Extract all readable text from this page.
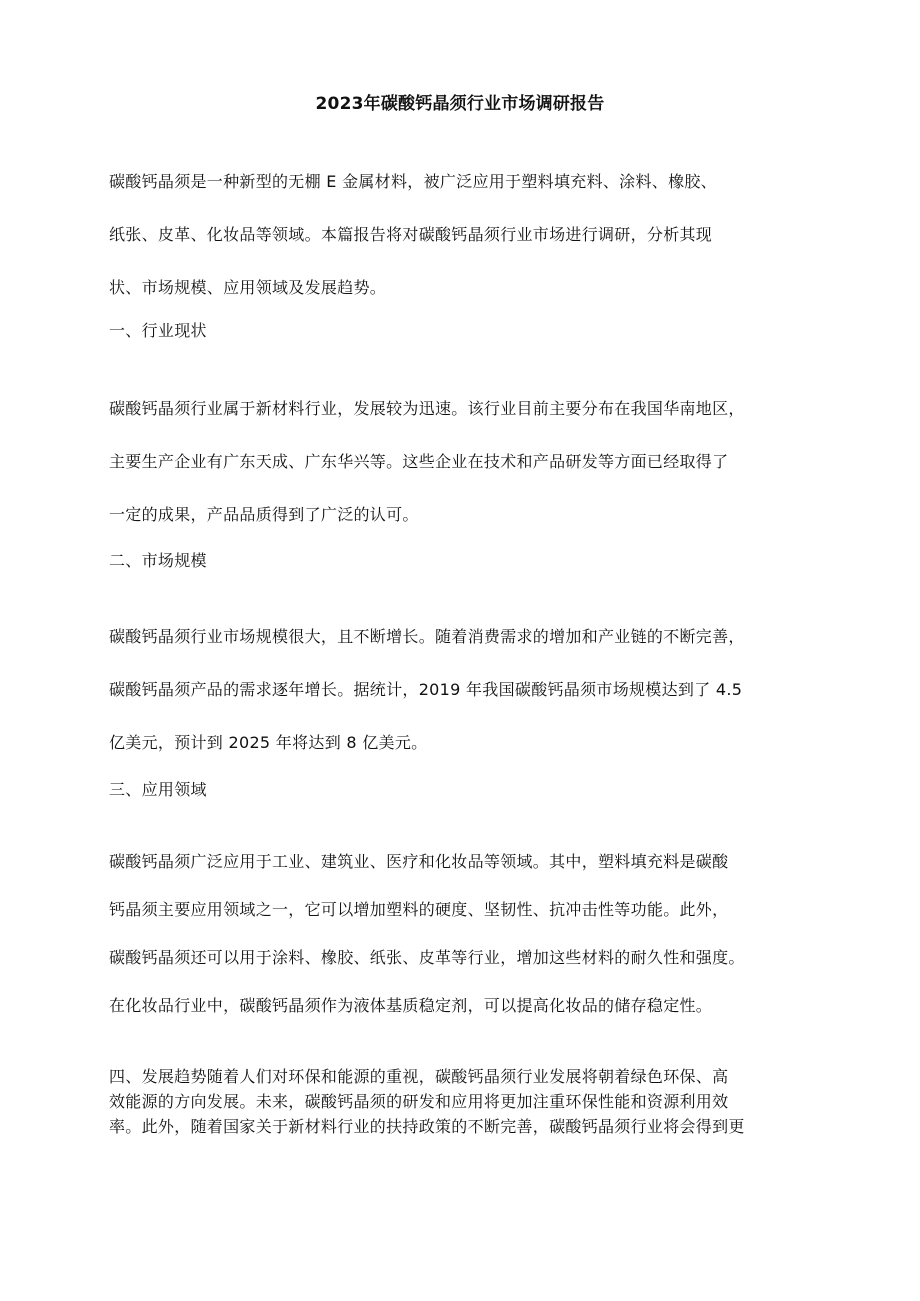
2023年碳酸钙晶须行业市场调研报告
碳酸钙晶须是一种新型的无棚 E 金属材料，被广泛应用于塑料填充料、涂料、橡胶、
纸张、皮革、化妆品等领域。本篇报告将对碳酸钙晶须行业市场进行调研，分析其现
状、市场规模、应用领域及发展趋势。
一、行业现状
碳酸钙晶须行业属于新材料行业，发展较为迅速。该行业目前主要分布在我国华南地区，
主要生产企业有广东天成、广东华兴等。这些企业在技术和产品研发等方面已经取得了
一定的成果，产品品质得到了广泛的认可。
二、市场规模
碳酸钙晶须行业市场规模很大，且不断增长。随着消费需求的增加和产业链的不断完善，
碳酸钙晶须产品的需求逐年增长。据统计，2019 年我国碳酸钙晶须市场规模达到了 4.5
亿美元，预计到 2025 年将达到 8 亿美元。
三、应用领域
碳酸钙晶须广泛应用于工业、建筑业、医疗和化妆品等领域。其中，塑料填充料是碳酸
钙晶须主要应用领域之一，它可以增加塑料的硬度、坚韧性、抗冲击性等功能。此外，
碳酸钙晶须还可以用于涂料、橡胶、纸张、皮革等行业，增加这些材料的耐久性和强度。
在化妆品行业中，碳酸钙晶须作为液体基质稳定剂，可以提高化妆品的储存稳定性。
四、发展趋势随着人们对环保和能源的重视，碳酸钙晶须行业发展将朝着绿色环保、高
效能源的方向发展。未来，碳酸钙晶须的研发和应用将更加注重环保性能和资源利用效
率。此外，随着国家关于新材料行业的扶持政策的不断完善，碳酸钙晶须行业将会得到更
